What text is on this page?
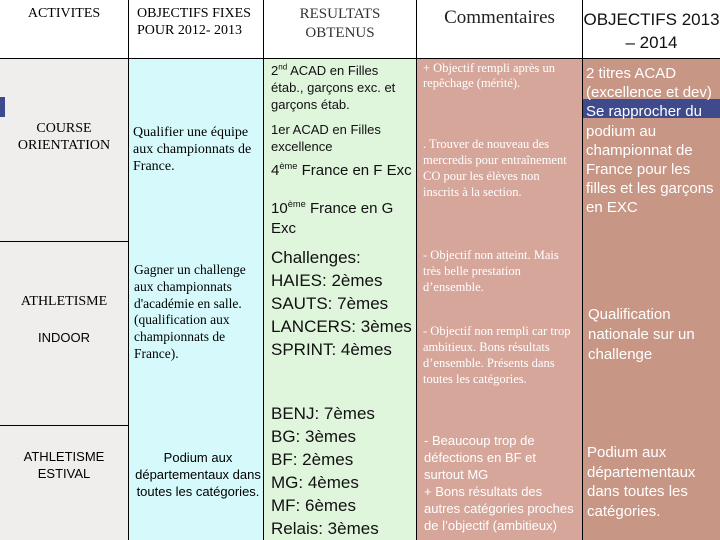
ACTIVITES	OBJECTIFS FIXES POUR 2012- 2013
RESULTATS OBTENUS
Commentaires	OBJECTIFS 2013 – 2014
COURSE ORIENTATION
Qualifier une équipe aux championnats de France.
2nd ACAD en Filles étab., garçons exc. et garçons étab.
1er ACAD en Filles excellence
4ème France en F Exc
10ème France en G Exc
+ Objectif rempli après un repêchage (mérité).
. Trouver de nouveau des mercredis pour entraînement CO pour les élèves non inscrits à la section.
2 titres ACAD (excellence et dev) Se rapprocher du podium au championnat de France pour les filles et les garçons en EXC
ATHLETISME
INDOOR
Gagner un challenge aux championnats d'académie en salle.(qualification aux championnats de France).
Challenges:
HAIES: 2èmes
SAUTS: 7èmes
LANCERS: 3èmes
SPRINT: 4èmes
- Objectif non atteint. Mais très belle prestation d’ensemble.
- Objectif non rempli car trop ambitieux. Bons résultats d’ensemble. Présents dans toutes les catégories.
Qualification nationale sur un challenge
ATHLETISME ESTIVAL
Podium aux départementaux dans toutes les catégories.
BENJ: 7èmes
BG: 3èmes
BF: 2èmes
MG: 4èmes
MF: 6èmes
Relais: 3èmes
- Beaucoup trop de défections en BF et surtout MG
+ Bons résultats des autres catégories proches de l’objectif (ambitieux)
Podium aux départementaux dans toutes les catégories.
